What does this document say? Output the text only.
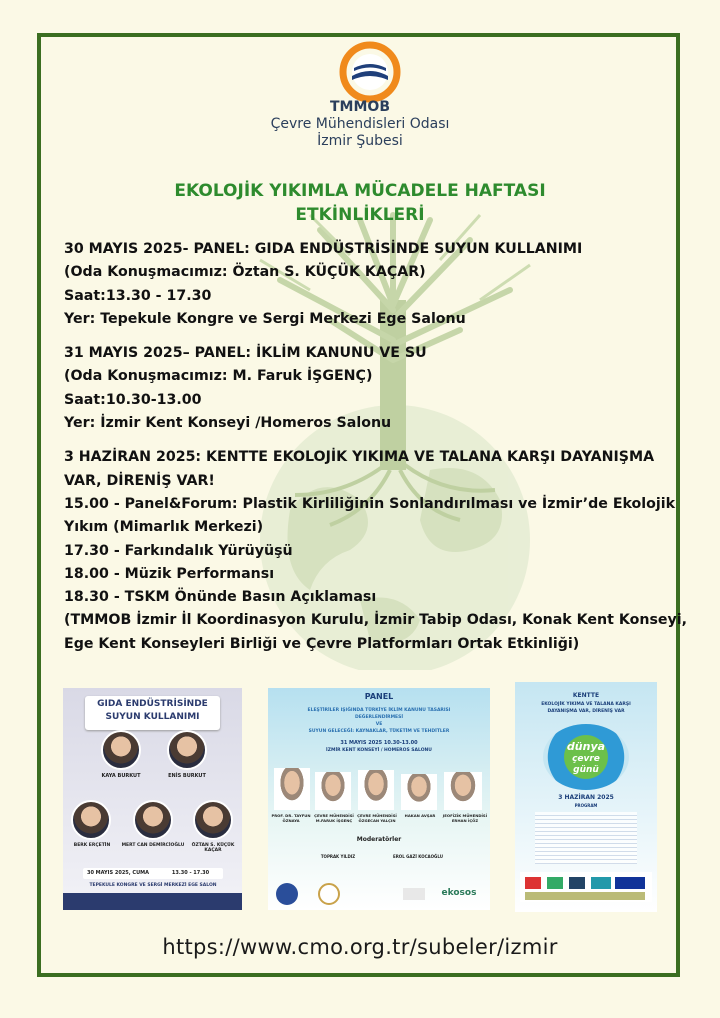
TMMOB
Çevre Mühendisleri Odası
İzmir Şubesi
EKOLOJİK YIKIMLA MÜCADELE HAFTASI
ETKİNLİKLERİ
30 MAYIS 2025- PANEL: GIDA ENDÜSTRİSİNDE SUYUN KULLANIMI
(Oda Konuşmacımız: Öztan S. KÜÇÜK KAÇAR)
Saat:13.30 - 17.30
Yer: Tepekule Kongre ve Sergi Merkezi Ege Salonu
31 MAYIS 2025– PANEL: İKLİM KANUNU VE SU
(Oda Konuşmacımız: M. Faruk İŞGENÇ)
Saat:10.30-13.00
Yer: İzmir Kent Konseyi /Homeros Salonu
3 HAZİRAN 2025: KENTTE EKOLOJİK YIKIMA VE TALANA KARŞI DAYANIŞMA
VAR, DİRENİŞ VAR!
15.00 - Panel&Forum: Plastik Kirliliğinin Sonlandırılması ve İzmir’de Ekolojik
Yıkım (Mimarlık Merkezi)
17.30 - Farkındalık Yürüyüşü
18.00 - Müzik Performansı
18.30 - TSKM Önünde Basın Açıklaması
(TMMOB İzmir İl Koordinasyon Kurulu, İzmir Tabip Odası, Konak Kent Konseyi,
Ege Kent Konseyleri Birliği ve Çevre Platformları Ortak Etkinliği)
GIDA ENDÜSTRİSİNDE
SUYUN KULLANIMI
KAYA BURKUT	ENİS BURKUT
BERK ERÇETİN	MERT CAN DEMİRCİOĞLU	ÖZTAN S. KÜÇÜK KAÇAR
30 MAYIS 2025, CUMA	13.30 - 17.30
TEPEKULE KONGRE VE SERGİ MERKEZİ EGE SALON
PANEL
ELEŞTİRİLER IŞIĞINDA TÜRKİYE İKLİM KANUNU TASARISI
DEĞERLENDİRMESİ
VE
SUYUN GELECEĞİ: KAYNAKLAR, TÜKETİM VE TEHDİTLER
31 MAYIS 2025 10.30-13.00
İZMİR KENT KONSEYİ / HOMEROS SALONU
PROF. DR. TAYFUN ÖZNAYA
ÇEVRE MÜHENDİSİ M.FARUK İŞGENÇ
ÇEVRE MÜHENDİSİ ÖZGECAN YALÇIN
HAKAN AVŞAR	JEOFİZİK MÜHENDİSİ ERHAN İÇÖZ
Moderatörler
TOPRAK YILDIZ	EROL GAZİ KOCAOĞLU
ekosos
KENTTE
EKOLOJİK YIKIMA VE TALANA KARŞI
DAYANIŞMA VAR, DİRENİŞ VAR
dünya
çevre
günü
3 HAZİRAN 2025
PROGRAM
https://www.cmo.org.tr/subeler/izmir
